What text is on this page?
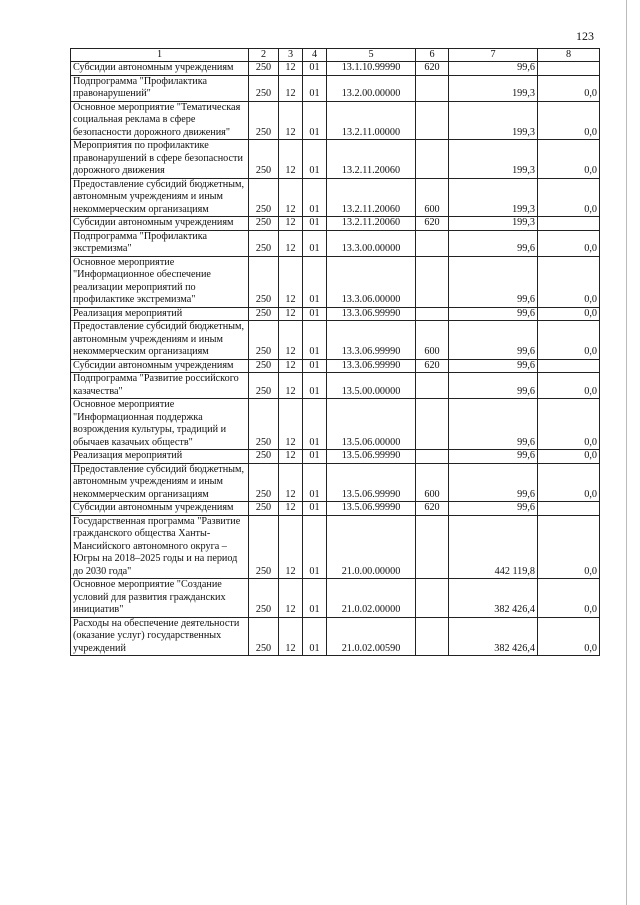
123
1	2	3	4	5	6	7	8
Субсидии автономным учреждениям	250	12	01	13.1.10.99990	620	99,6	
Подпрограмма "Профилактика правонарушений"	250	12	01	13.2.00.00000		199,3	0,0
Основное мероприятие "Тематическая социальная реклама в сфере безопасности дорожного движения"	250	12	01	13.2.11.00000		199,3	0,0
Мероприятия по профилактике правонарушений в сфере безопасности дорожного движения	250	12	01	13.2.11.20060		199,3	0,0
Предоставление субсидий бюджетным, автономным учреждениям и иным некоммерческим организациям	250	12	01	13.2.11.20060	600	199,3	0,0
Субсидии автономным учреждениям	250	12	01	13.2.11.20060	620	199,3	
Подпрограмма "Профилактика экстремизма"	250	12	01	13.3.00.00000		99,6	0,0
Основное мероприятие "Информационное обеспечение реализации мероприятий по профилактике экстремизма"	250	12	01	13.3.06.00000		99,6	0,0
Реализация мероприятий	250	12	01	13.3.06.99990		99,6	0,0
Предоставление субсидий бюджетным, автономным учреждениям и иным некоммерческим организациям	250	12	01	13.3.06.99990	600	99,6	0,0
Субсидии автономным учреждениям	250	12	01	13.3.06.99990	620	99,6	
Подпрограмма "Развитие российского казачества"	250	12	01	13.5.00.00000		99,6	0,0
Основное мероприятие "Информационная поддержка возрождения культуры, традиций и обычаев казачьих обществ"	250	12	01	13.5.06.00000		99,6	0,0
Реализация мероприятий	250	12	01	13.5.06.99990		99,6	0,0
Предоставление субсидий бюджетным, автономным учреждениям и иным некоммерческим организациям	250	12	01	13.5.06.99990	600	99,6	0,0
Субсидии автономным учреждениям	250	12	01	13.5.06.99990	620	99,6	
Государственная программа "Развитие гражданского общества Ханты-Мансийского автономного округа – Югры на 2018–2025 годы и на период до 2030 года"	250	12	01	21.0.00.00000		442 119,8	0,0
Основное мероприятие "Создание условий для развития гражданских инициатив"	250	12	01	21.0.02.00000		382 426,4	0,0
Расходы на обеспечение деятельности (оказание услуг) государственных учреждений	250	12	01	21.0.02.00590		382 426,4	0,0
